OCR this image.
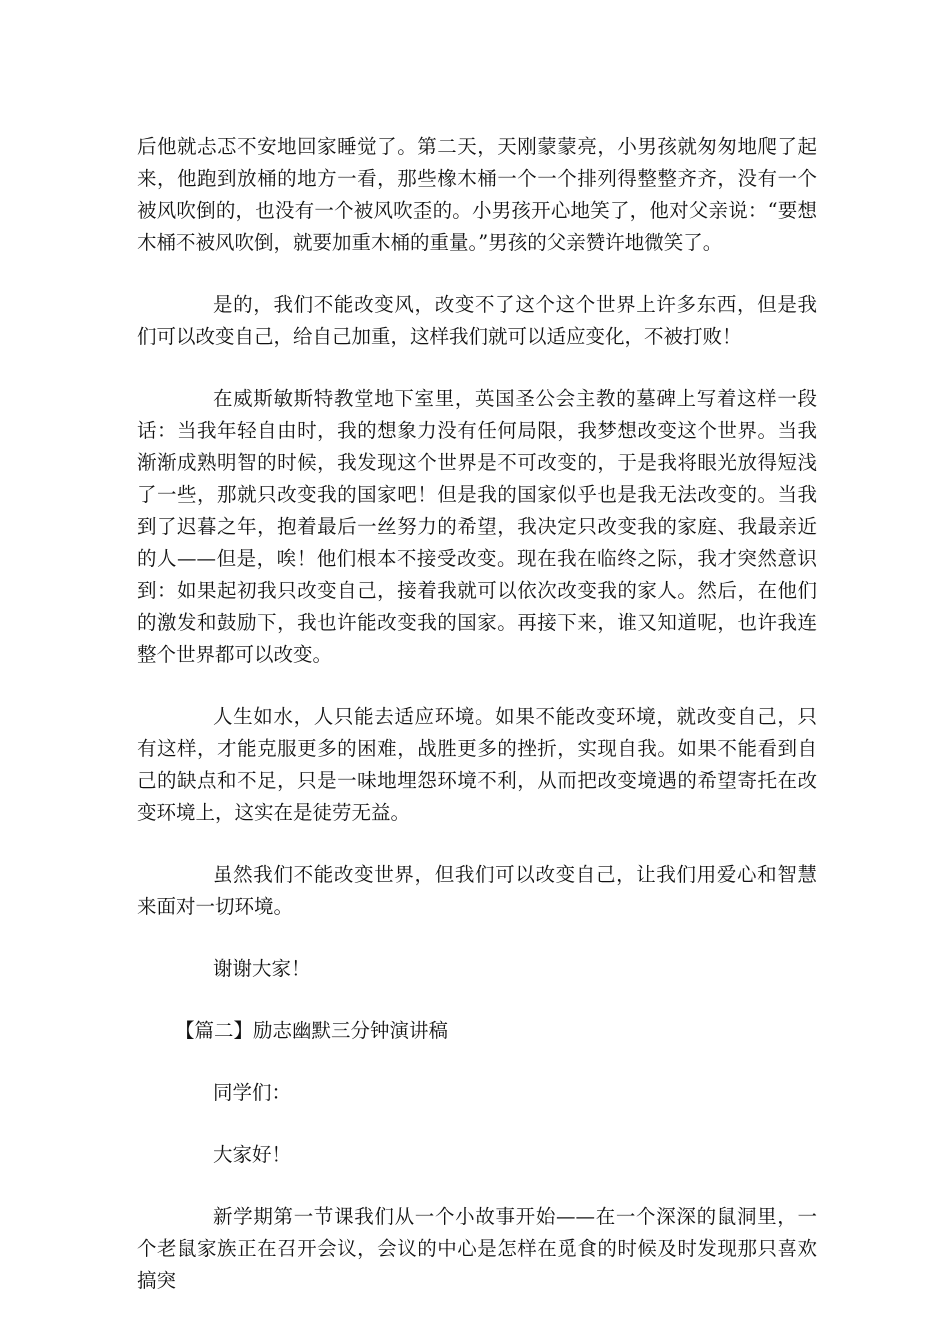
后他就忐忑不安地回家睡觉了。第二天，天刚蒙蒙亮，小男孩就匆匆地爬了起来，他跑到放桶的地方一看，那些橡木桶一个一个排列得整整齐齐，没有一个被风吹倒的，也没有一个被风吹歪的。小男孩开心地笑了，他对父亲说：“要想木桶不被风吹倒，就要加重木桶的重量。”男孩的父亲赞许地微笑了。

是的，我们不能改变风，改变不了这个这个世界上许多东西，但是我们可以改变自己，给自己加重，这样我们就可以适应变化，不被打败！

在威斯敏斯特教堂地下室里，英国圣公会主教的墓碑上写着这样一段话：当我年轻自由时，我的想象力没有任何局限，我梦想改变这个世界。当我渐渐成熟明智的时候，我发现这个世界是不可改变的，于是我将眼光放得短浅了一些，那就只改变我的国家吧！但是我的国家似乎也是我无法改变的。当我到了迟暮之年，抱着最后一丝努力的希望，我决定只改变我的家庭、我最亲近的人——但是，唉！他们根本不接受改变。现在我在临终之际，我才突然意识到：如果起初我只改变自己，接着我就可以依次改变我的家人。然后，在他们的激发和鼓励下，我也许能改变我的国家。再接下来，谁又知道呢，也许我连整个世界都可以改变。

人生如水，人只能去适应环境。如果不能改变环境，就改变自己，只有这样，才能克服更多的困难，战胜更多的挫折，实现自我。如果不能看到自己的缺点和不足，只是一味地埋怨环境不利，从而把改变境遇的希望寄托在改变环境上，这实在是徒劳无益。

虽然我们不能改变世界，但我们可以改变自己，让我们用爱心和智慧来面对一切环境。

谢谢大家！

【篇二】励志幽默三分钟演讲稿

同学们：

大家好！

新学期第一节课我们从一个小故事开始——在一个深深的鼠洞里，一个老鼠家族正在召开会议，会议的中心是怎样在觅食的时候及时发现那只喜欢搞突
